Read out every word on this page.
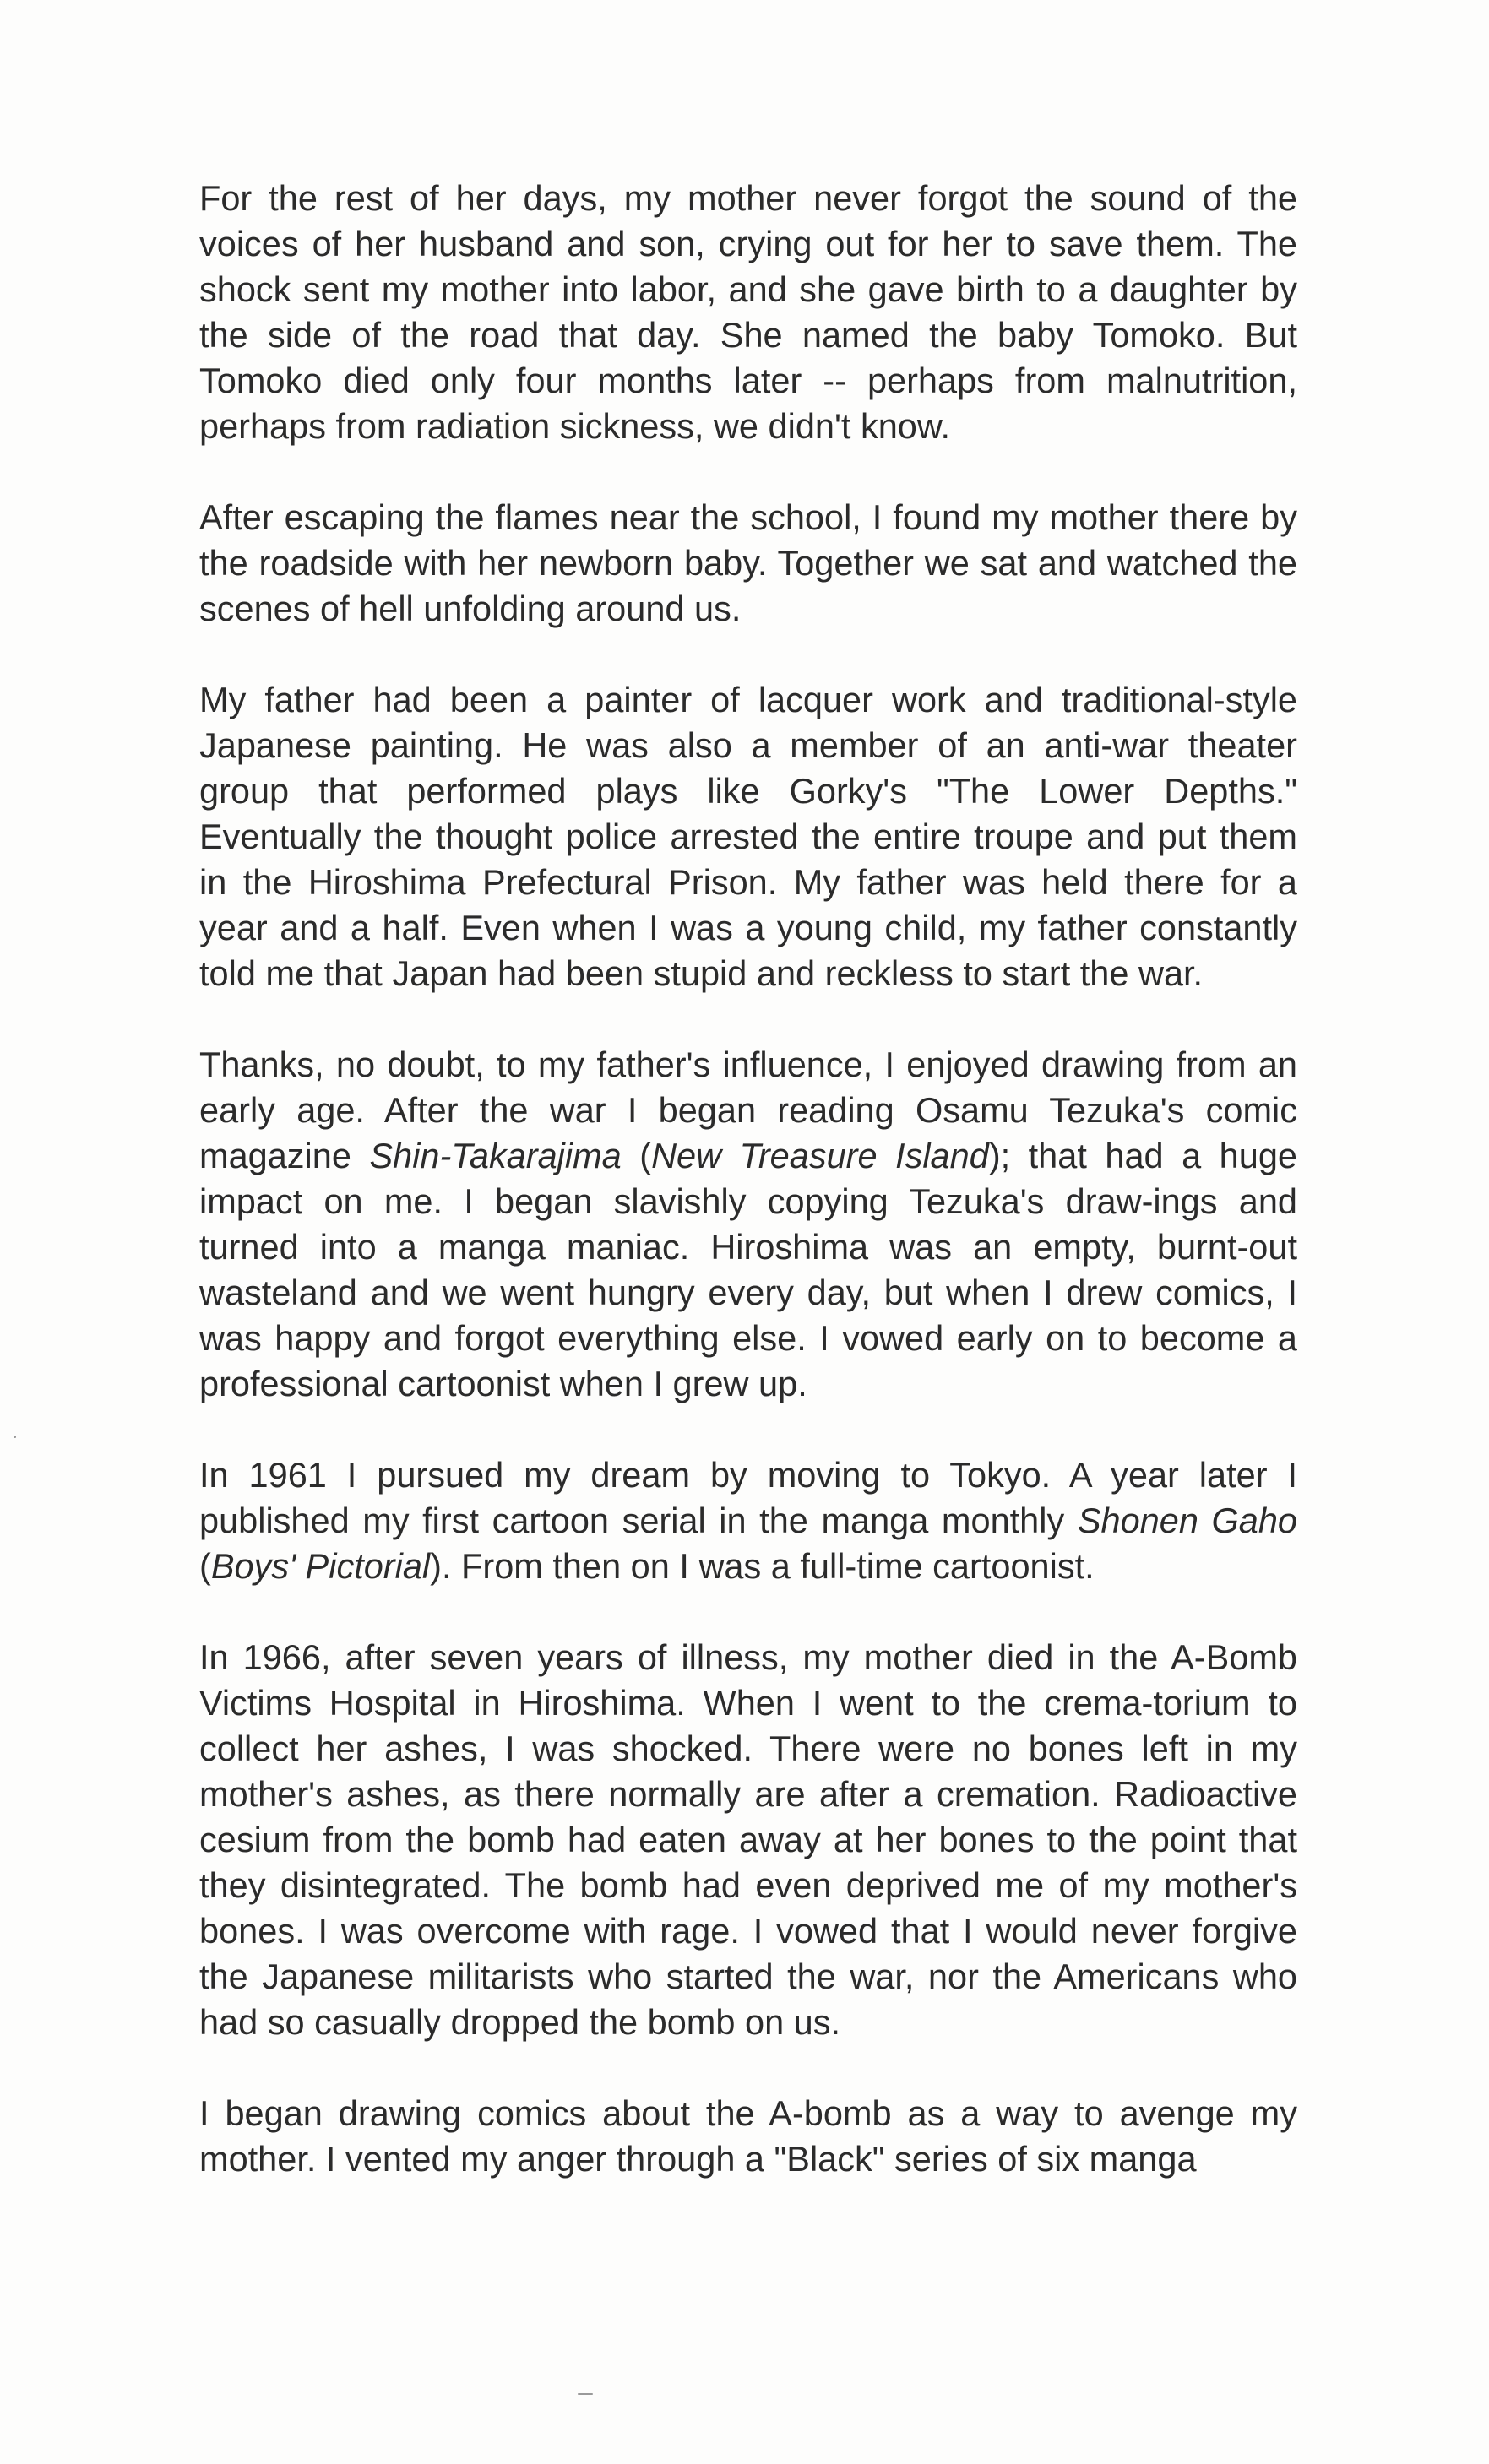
For the rest of her days, my mother never forgot the sound of the voices of her husband and son, crying out for her to save them. The shock sent my mother into labor, and she gave birth to a daughter by the side of the road that day. She named the baby Tomoko. But Tomoko died only four months later -- perhaps from malnutrition, perhaps from radiation sickness, we didn't know.

After escaping the flames near the school, I found my mother there by the roadside with her newborn baby. Together we sat and watched the scenes of hell unfolding around us.

My father had been a painter of lacquer work and traditional-style Japanese painting. He was also a member of an anti-war theater group that performed plays like Gorky's "The Lower Depths." Eventually the thought police arrested the entire troupe and put them in the Hiroshima Prefectural Prison. My father was held there for a year and a half. Even when I was a young child, my father constantly told me that Japan had been stupid and reckless to start the war.

Thanks, no doubt, to my father's influence, I enjoyed drawing from an early age. After the war I began reading Osamu Tezuka's comic magazine Shin-Takarajima (New Treasure Island); that had a huge impact on me. I began slavishly copying Tezuka's draw-ings and turned into a manga maniac. Hiroshima was an empty, burnt-out wasteland and we went hungry every day, but when I drew comics, I was happy and forgot everything else. I vowed early on to become a professional cartoonist when I grew up.

In 1961 I pursued my dream by moving to Tokyo. A year later I published my first cartoon serial in the manga monthly Shonen Gaho (Boys' Pictorial). From then on I was a full-time cartoonist.

In 1966, after seven years of illness, my mother died in the A-Bomb Victims Hospital in Hiroshima. When I went to the crema-torium to collect her ashes, I was shocked. There were no bones left in my mother's ashes, as there normally are after a cremation. Radioactive cesium from the bomb had eaten away at her bones to the point that they disintegrated. The bomb had even deprived me of my mother's bones. I was overcome with rage. I vowed that I would never forgive the Japanese militarists who started the war, nor the Americans who had so casually dropped the bomb on us.

I began drawing comics about the A-bomb as a way to avenge my mother. I vented my anger through a "Black" series of six manga
